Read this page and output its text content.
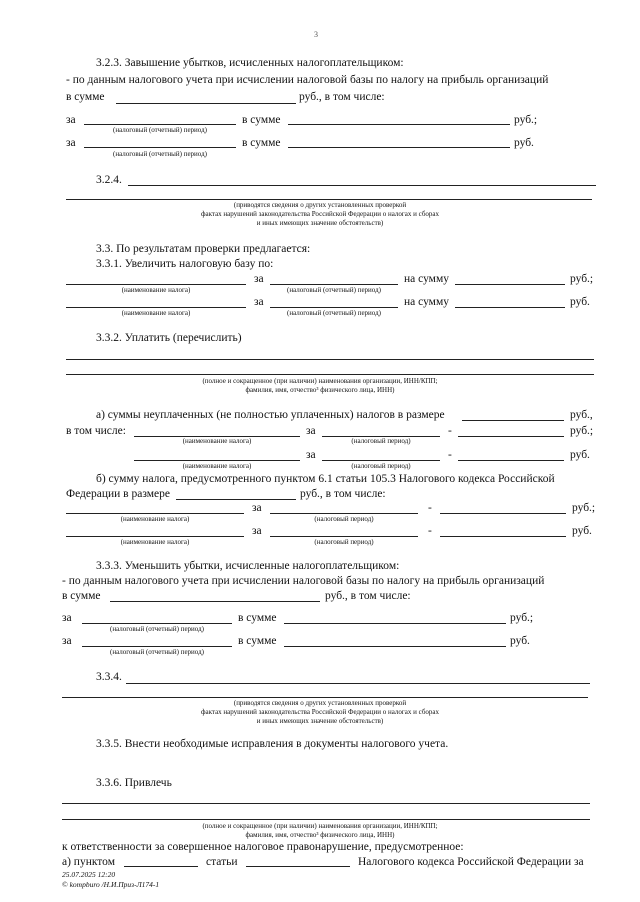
3
3.2.3. Завышение убытков, исчисленных налогоплательщиком:
- по данным налогового учета при исчислении налоговой базы по налогу на прибыль организаций
в сумме	руб., в том числе:
за	в сумме	руб.;
(налоговый (отчетный) период)
за	в сумме	руб.
(налоговый (отчетный) период)
3.2.4.
(приводятся сведения о других установленных проверкой
фактах нарушений законодательства Российской Федерации о налогах и сборах
и иных имеющих значение обстоятельств)
3.3. По результатам проверки предлагается:
3.3.1. Увеличить налоговую базу по:
за	на сумму	руб.;
(наименование налога)	(налоговый (отчетный) период)
за	на сумму	руб.
(наименование налога)	(налоговый (отчетный) период)
3.3.2. Уплатить (перечислить)
(полное и сокращенное (при наличии) наименования организации, ИНН/КПП;
фамилия, имя, отчество³ физического лица, ИНН)
а) суммы неуплаченных (не полностью уплаченных) налогов в размере	руб.,
в том числе:	за	-	руб.;
(наименование налога)	(налоговый период)
за	-	руб.
(наименование налога)	(налоговый период)
б) сумму налога, предусмотренного пунктом 6.1 статьи 105.3 Налогового кодекса Российской
Федерации в размере	руб., в том числе:
за	-	руб.;
(наименование налога)	(налоговый период)
за	-	руб.
(наименование налога)	(налоговый период)
3.3.3. Уменьшить убытки, исчисленные налогоплательщиком:
- по данным налогового учета при исчислении налоговой базы по налогу на прибыль организаций
в сумме	руб., в том числе:
за	в сумме	руб.;
(налоговый (отчетный) период)
за	в сумме	руб.
(налоговый (отчетный) период)
3.3.4.
(приводятся сведения о других установленных проверкой
фактах нарушений законодательства Российской Федерации о налогах и сборах
и иных имеющих значение обстоятельств)
3.3.5. Внести необходимые исправления в документы налогового учета.
3.3.6. Привлечь
(полное и сокращенное (при наличии) наименования организации, ИНН/КПП;
фамилия, имя, отчество³ физического лица, ИНН)
к ответственности за совершенное налоговое правонарушение, предусмотренное:
а) пунктом	статьи	Налогового кодекса Российской Федерации за
25.07.2025 12:20
© kompburo /Н.И.Приз-Л174-1
